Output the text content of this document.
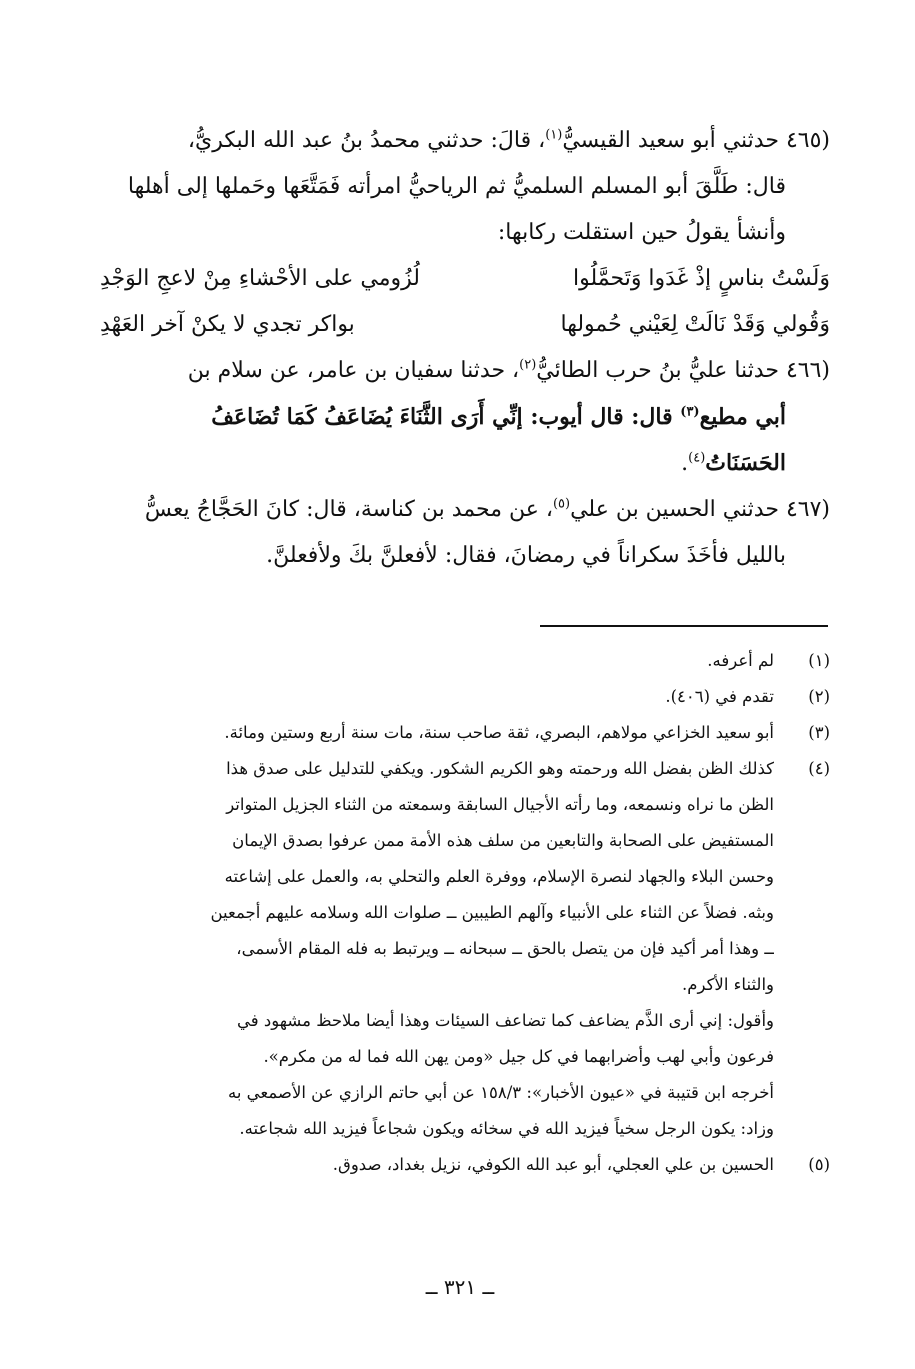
(٤٦٥ حدثني أبو سعيد القيسيُّ$^{(١)}$، قالَ: حدثني محمدُ بنُ عبد الله البكريُّ،
قال: طَلَّقَ أبو المسلم السلميُّ ثم الرياحيُّ امرأته فَمَتَّعَها وحَملها إلى أهلها
وأنشأ يقولُ حين استقلت ركابها:
وَلَسْتُ بناسٍ إذْ غَدَوا وَتَحمَّلُوا
لُزُومي على الأحْشاءِ مِنْ لاعجِ الوَجْدِ
وَقُولي وَقَدْ نَالَتْ لِعَيْني حُمولها
بواكر تجدي لا يكنْ آخر العَهْدِ
(٤٦٦ حدثنا عليُّ بنُ حرب الطائيُّ$^{(٢)}$، حدثنا سفيان بن عامر، عن سلام بن
أبي مطيع$^{(٣)}$ قال: قال أيوب: إنِّي أَرَى الثَّنَاءَ يُضَاعَفُ كَمَا تُضَاعَفُ
الحَسَنَاتُ$^{(٤)}$.
(٤٦٧ حدثني الحسين بن علي$^{(٥)}$، عن محمد بن كناسة، قال: كانَ الحَجَّاجُ يعسُّ
بالليل فأخَذَ سكراناً في رمضانَ، فقال: لأفعلنَّ بكَ ولأفعلنَّ.
(١)
لم أعرفه.
(٢)
تقدم في (٤٠٦).
(٣)
أبو سعيد الخزاعي مولاهم، البصري، ثقة صاحب سنة، مات سنة أربع وستين ومائة.
(٤)
كذلك الظن بفضل الله ورحمته وهو الكريم الشكور. ويكفي للتدليل على صدق هذا
الظن ما نراه ونسمعه، وما رأته الأجيال السابقة وسمعته من الثناء الجزيل المتواتر
المستفيض على الصحابة والتابعين من سلف هذه الأمة ممن عرفوا بصدق الإيمان
وحسن البلاء والجهاد لنصرة الإسلام، ووفرة العلم والتحلي به، والعمل على إشاعته
وبثه. فضلاً عن الثناء على الأنبياء وآلهم الطيبين ــ صلوات الله وسلامه عليهم أجمعين
ــ وهذا أمر أكيد فإن من يتصل بالحق ــ سبحانه ــ ويرتبط به فله المقام الأسمى،
والثناء الأكرم.
وأقول: إني أرى الذَّم يضاعف كما تضاعف السيئات وهذا أيضا ملاحظ مشهود في
فرعون وأبي لهب وأضرابهما في كل جيل «ومن يهن الله فما له من مكرم».
أخرجه ابن قتيبة في «عيون الأخبار»: ١٥٨/٣ عن أبي حاتم الرازي عن الأصمعي به
وزاد: يكون الرجل سخياً فيزيد الله في سخائه ويكون شجاعاً فيزيد الله شجاعته.
(٥)
الحسين بن علي العجلي، أبو عبد الله الكوفي، نزيل بغداد، صدوق.
ــ ٣٢١ ــ
